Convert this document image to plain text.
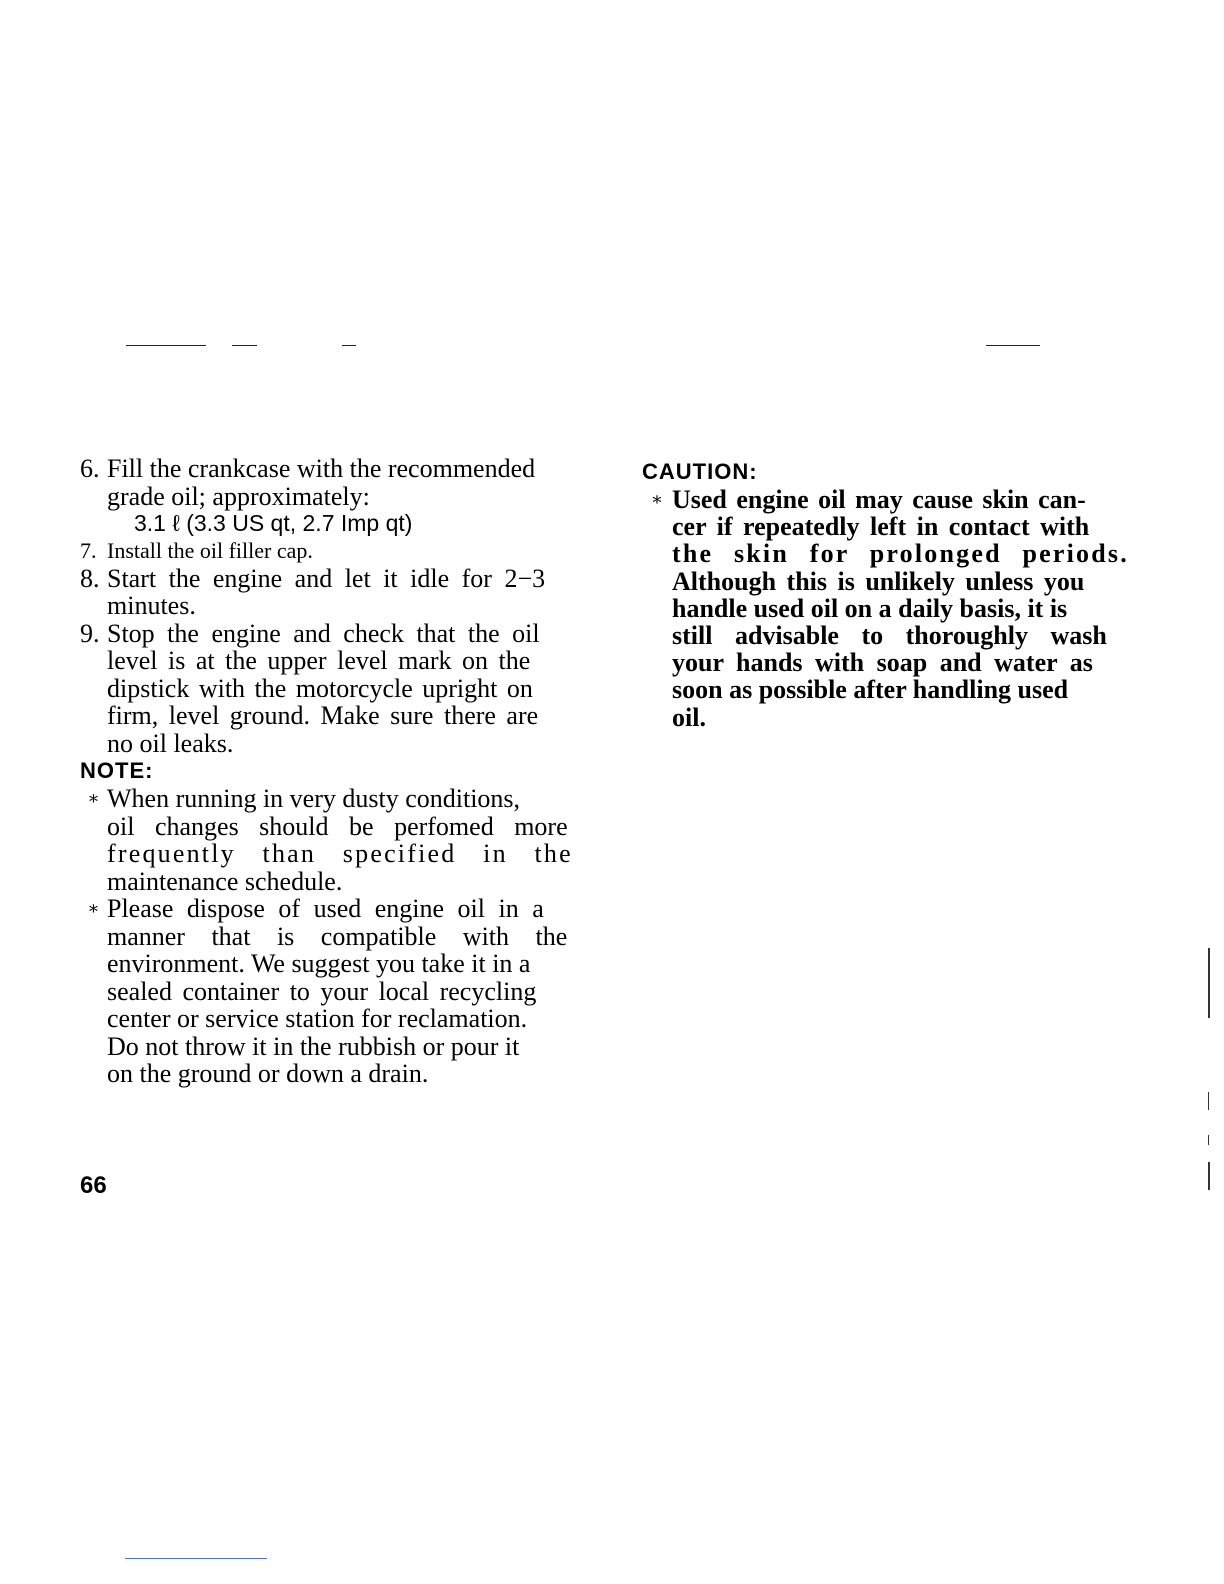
6. Fill the crankcase with the recommended
grade oil; approximately:
3.1 ℓ (3.3 US qt, 2.7 Imp qt)
7. Install the oil filler cap.
8. Start the engine and let it idle for 2−3
minutes.
9. Stop the engine and check that the oil
level is at the upper level mark on the
dipstick with the motorcycle upright on
firm, level ground. Make sure there are
no oil leaks.
NOTE:
∗ When running in very dusty conditions,
oil changes should be perfomed more
frequently than specified in the
maintenance schedule.
∗ Please dispose of used engine oil in a
manner that is compatible with the
environment. We suggest you take it in a
sealed container to your local recycling
center or service station for reclamation.
Do not throw it in the rubbish or pour it
on the ground or down a drain.
CAUTION:
∗ Used engine oil may cause skin can-
cer if repeatedly left in contact with
the skin for prolonged periods.
Although this is unlikely unless you
handle used oil on a daily basis, it is
still advisable to thoroughly wash
your hands with soap and water as
soon as possible after handling used
oil.
66
